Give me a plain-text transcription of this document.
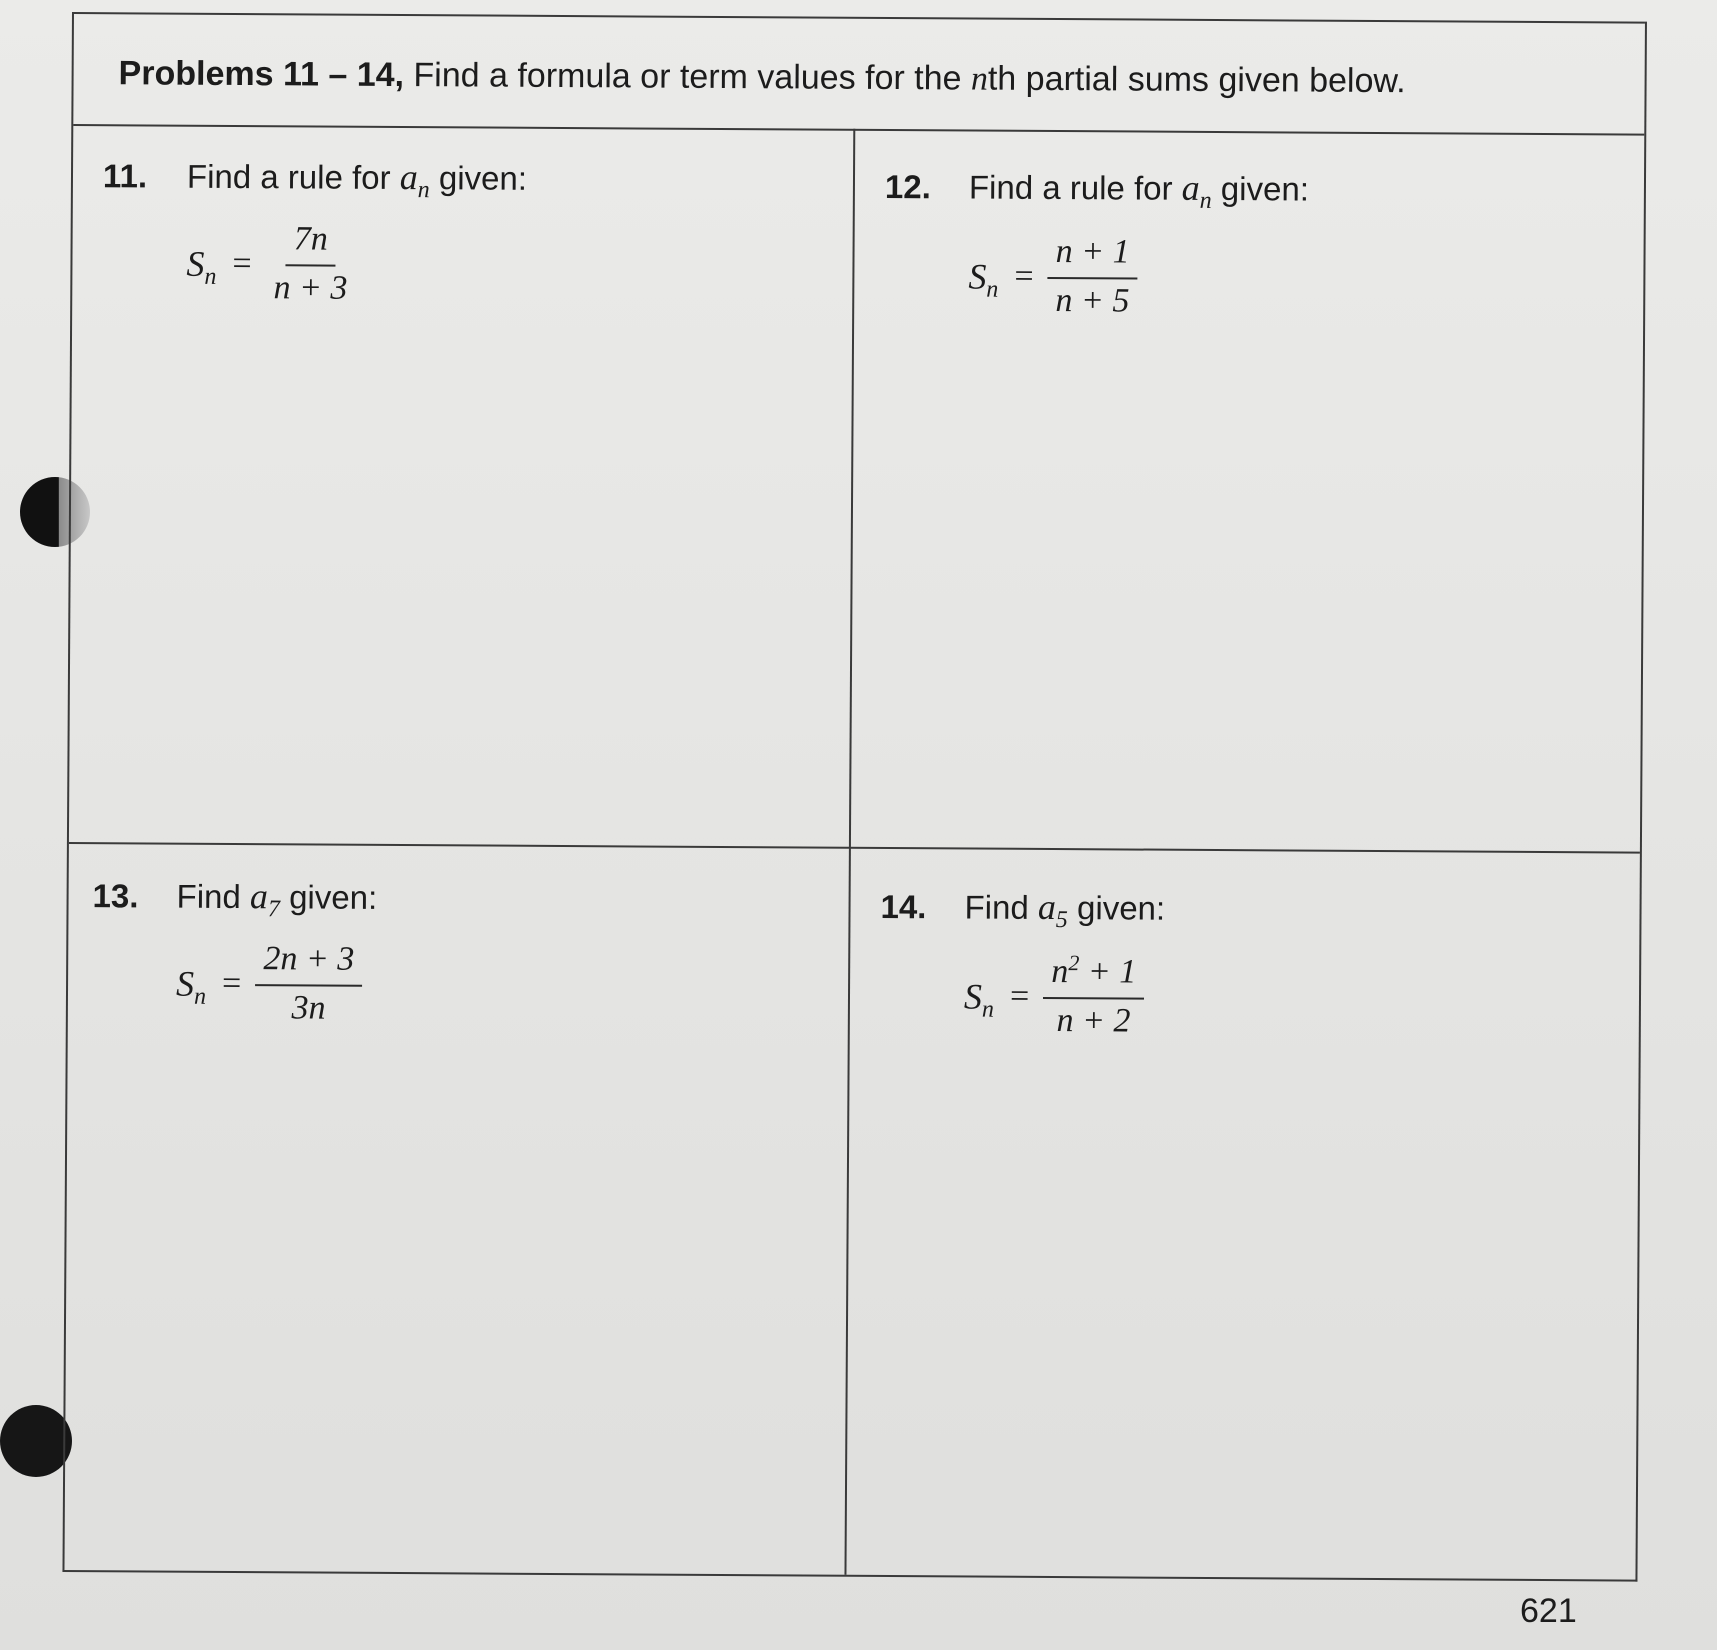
Problems 11 – 14, Find a formula or term values for the nth partial sums given below.
11. Find a rule for $a_n$ given:
$S_n = \frac{7n}{n + 3}$
12. Find a rule for $a_n$ given:
$S_n = \frac{n + 1}{n + 5}$
13. Find $a_7$ given:
$S_n = \frac{2n + 3}{3n}$
14. Find $a_5$ given:
$S_n = \frac{n^2 + 1}{n + 2}$
621
